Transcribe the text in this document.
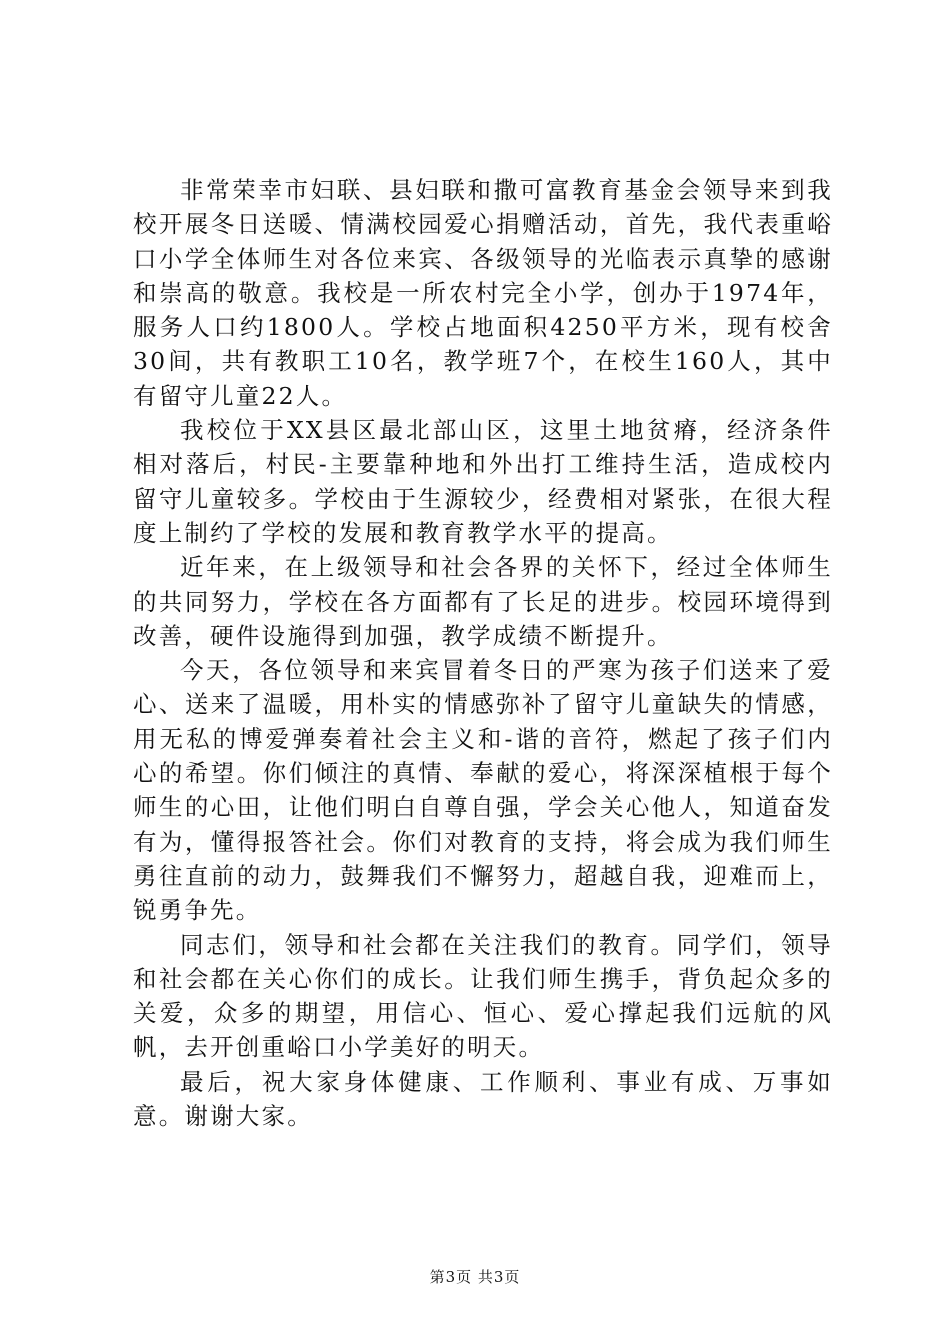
非常荣幸市妇联、县妇联和撒可富教育基金会领导来到我校开展冬日送暖、情满校园爱心捐赠活动，首先，我代表重峪口小学全体师生对各位来宾、各级领导的光临表示真挚的感谢和崇高的敬意。我校是一所农村完全小学，创办于1974年，服务人口约1800人。学校占地面积4250平方米，现有校舍30间，共有教职工10名，教学班7个，在校生160人，其中有留守儿童22人。

我校位于XX县区最北部山区，这里土地贫瘠，经济条件相对落后，村民-主要靠种地和外出打工维持生活，造成校内留守儿童较多。学校由于生源较少，经费相对紧张，在很大程度上制约了学校的发展和教育教学水平的提高。

近年来，在上级领导和社会各界的关怀下，经过全体师生的共同努力，学校在各方面都有了长足的进步。校园环境得到改善，硬件设施得到加强，教学成绩不断提升。

今天，各位领导和来宾冒着冬日的严寒为孩子们送来了爱心、送来了温暖，用朴实的情感弥补了留守儿童缺失的情感，用无私的博爱弹奏着社会主义和-谐的音符，燃起了孩子们内心的希望。你们倾注的真情、奉献的爱心，将深深植根于每个师生的心田，让他们明白自尊自强，学会关心他人，知道奋发有为，懂得报答社会。你们对教育的支持，将会成为我们师生勇往直前的动力，鼓舞我们不懈努力，超越自我，迎难而上，锐勇争先。

同志们，领导和社会都在关注我们的教育。同学们，领导和社会都在关心你们的成长。让我们师生携手，背负起众多的关爱，众多的期望，用信心、恒心、爱心撑起我们远航的风帆，去开创重峪口小学美好的明天。

最后，祝大家身体健康、工作顺利、事业有成、万事如意。谢谢大家。

第3页 共3页
